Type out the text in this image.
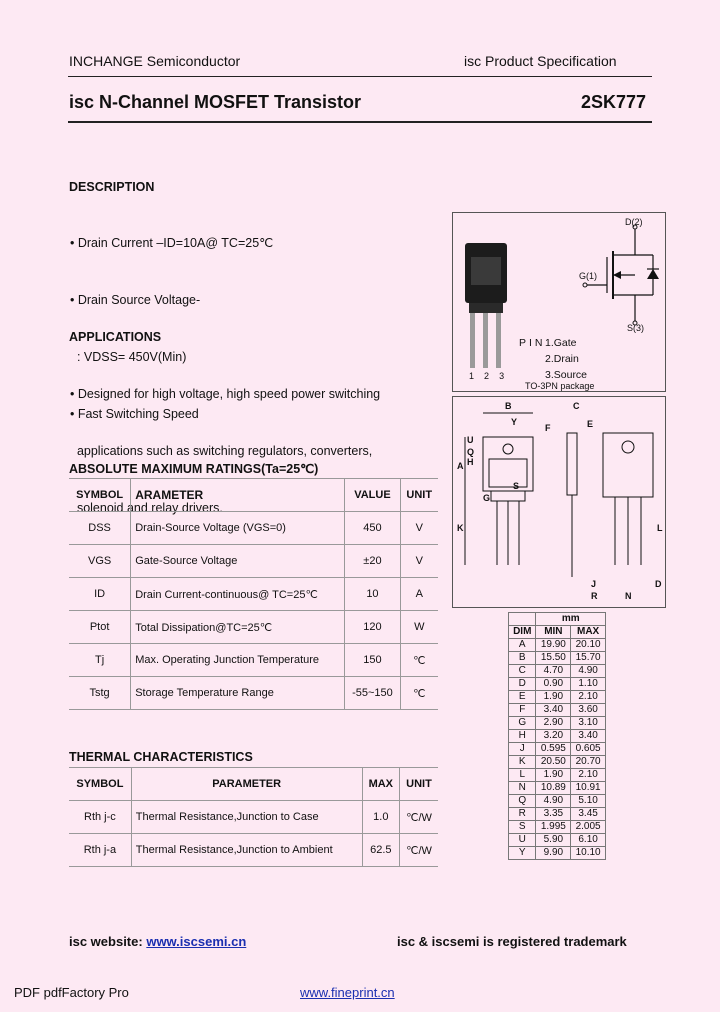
INCHANGE Semiconductor	isc Product Specification
isc N-Channel MOSFET Transistor	2SK777
DESCRIPTION

• Drain Current –ID=10A@ TC=25℃

• Drain Source Voltage-

: VDSS= 450V(Min)

• Fast Switching Speed

APPLICATIONS

• Designed for high voltage, high speed power switching

applications such as switching regulators, converters,

solenoid and relay drivers.

D(2)
G(1)
S(3)
PIN1.Gate
2.Drain
3.Source
1 2 3
TO-3PN package
B	C
Y
U
E
F
Q
H
A
S
G
K	L
J
R	N
D
	mm	
DIM	MIN	MAX
A	19.90	20.10
B	15.50	15.70
C	4.70	4.90
D	0.90	1.10
E	1.90	2.10
F	3.40	3.60
G	2.90	3.10
H	3.20	3.40
J	0.595	0.605
K	20.50	20.70
L	1.90	2.10
N	10.89	10.91
Q	4.90	5.10
R	3.35	3.45
S	1.995	2.005
U	5.90	6.10
Y	9.90	10.10
ABSOLUTE MAXIMUM RATINGS(Ta=25℃)
SYMBOL	ARAMETER	VALUE	UNIT
DSS	Drain-Source Voltage (VGS=0)	450	V
VGS	Gate-Source Voltage	±20	V
ID	Drain Current-continuous@ TC=25℃	10	A
Ptot	Total Dissipation@TC=25℃	120	W
Tj	Max. Operating Junction Temperature	150	℃
Tstg	Storage Temperature Range	-55~150	℃
THERMAL CHARACTERISTICS
SYMBOL	PARAMETER	MAX	UNIT
Rth j-c	Thermal Resistance,Junction to Case	1.0	℃/W
Rth j-a	Thermal Resistance,Junction to Ambient	62.5	℃/W
isc website: www.iscsemi.cn	isc & iscsemi is registered trademark
PDF pdfFactory Pro	www.fineprint.cn
